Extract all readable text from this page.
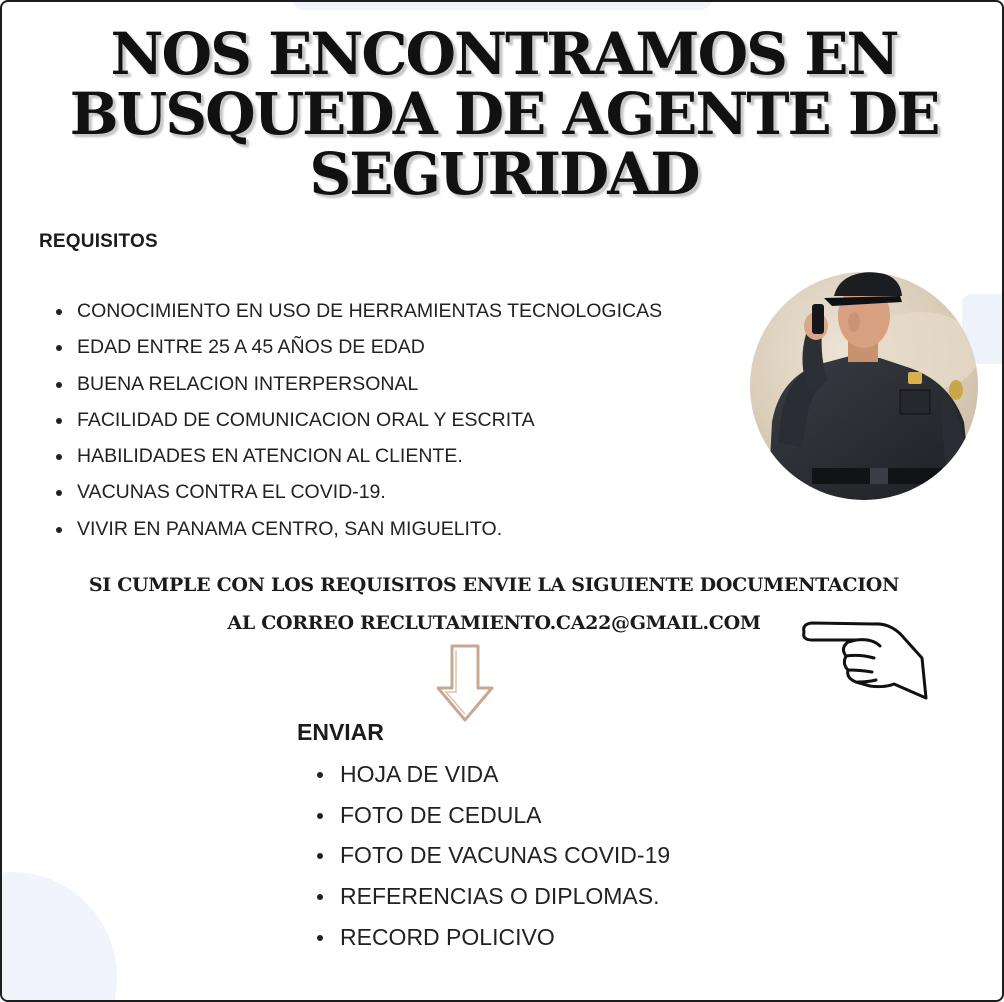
NOS ENCONTRAMOS EN
BUSQUEDA DE AGENTE DE
SEGURIDAD
REQUISITOS
CONOCIMIENTO EN USO DE HERRAMIENTAS TECNOLOGICAS
EDAD ENTRE 25 A 45 AÑOS DE EDAD
BUENA RELACION INTERPERSONAL
FACILIDAD DE COMUNICACION ORAL Y ESCRITA
HABILIDADES EN ATENCION AL CLIENTE.
VACUNAS CONTRA EL COVID-19.
VIVIR EN PANAMA CENTRO, SAN MIGUELITO.
SI CUMPLE CON LOS REQUISITOS ENVIE LA SIGUIENTE DOCUMENTACION
AL CORREO RECLUTAMIENTO.CA22@GMAIL.COM
ENVIAR
HOJA DE VIDA
FOTO DE CEDULA
FOTO DE VACUNAS COVID-19
REFERENCIAS O DIPLOMAS.
RECORD POLICIVO
